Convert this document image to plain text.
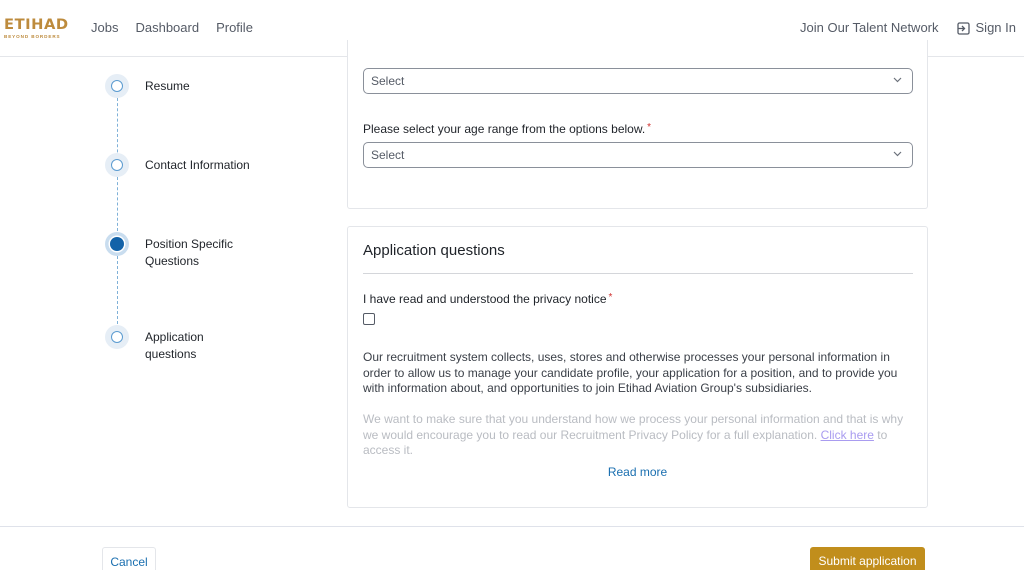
ETIHAD
BEYOND BORDERS
Jobs Dashboard Profile	Join Our Talent Network	Sign In
Resume
Contact Information
Position Specific Questions
Application questions
Select
Please select your age range from the options below. *
Select
Application questions
I have read and understood the privacy notice *
Our recruitment system collects, uses, stores and otherwise processes your personal information in order to allow us to manage your candidate profile, your application for a position, and to provide you with information about, and opportunities to join Etihad Aviation Group's subsidiaries.
We want to make sure that you understand how we process your personal information and that is why we would encourage you to read our Recruitment Privacy Policy for a full explanation. Click here to access it.
Read more
Cancel	Submit application
